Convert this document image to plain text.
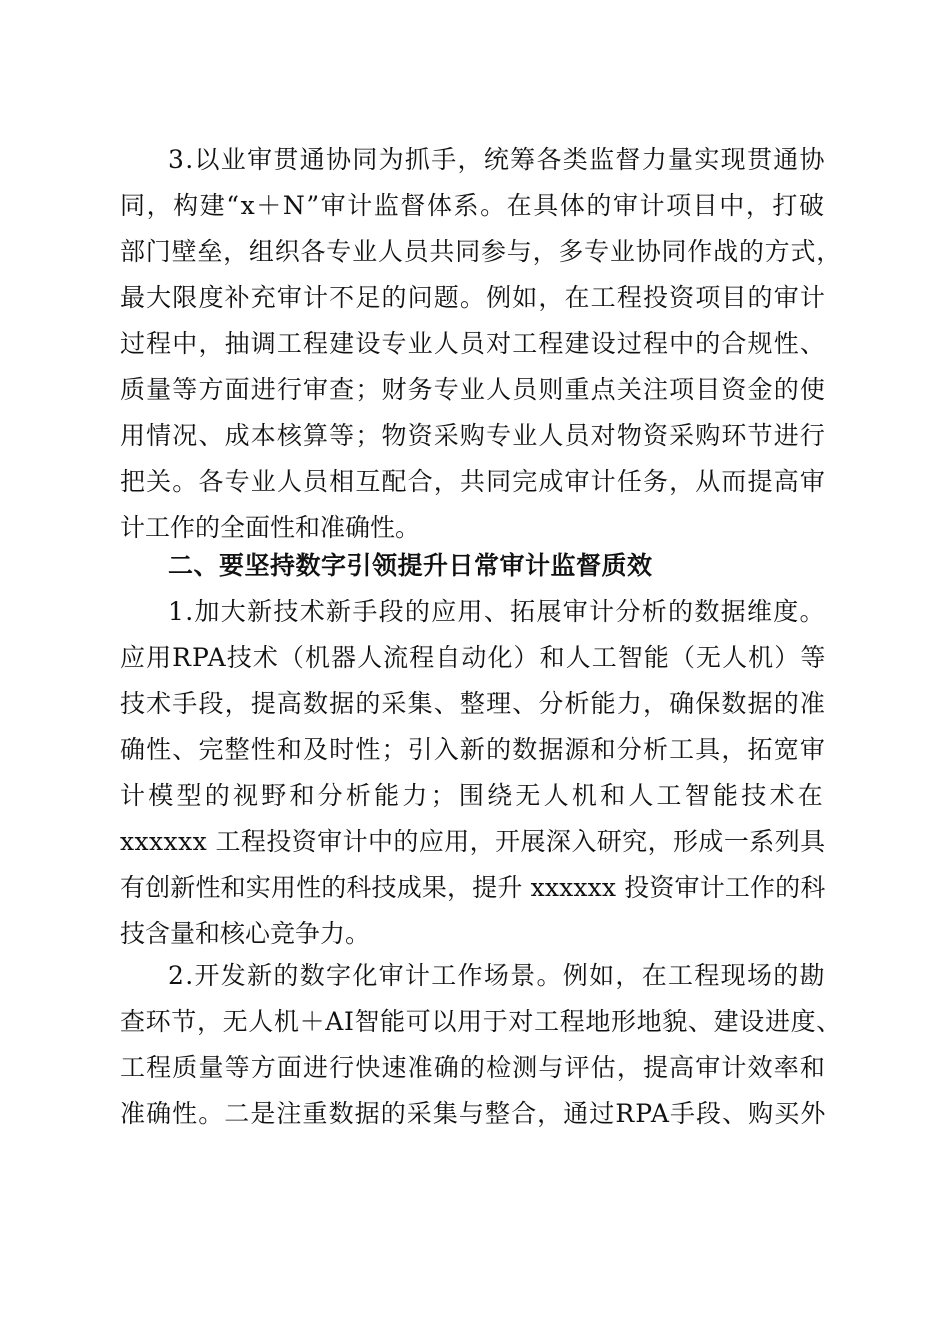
3.以业审贯通协同为抓手，统筹各类监督力量实现贯通协
同，构建“x＋N”审计监督体系。在具体的审计项目中，打破
部门壁垒，组织各专业人员共同参与，多专业协同作战的方式，
最大限度补充审计不足的问题。例如，在工程投资项目的审计
过程中，抽调工程建设专业人员对工程建设过程中的合规性、
质量等方面进行审查；财务专业人员则重点关注项目资金的使
用情况、成本核算等；物资采购专业人员对物资采购环节进行
把关。各专业人员相互配合，共同完成审计任务，从而提高审
计工作的全面性和准确性。
二、要坚持数字引领提升日常审计监督质效
1.加大新技术新手段的应用、拓展审计分析的数据维度。
应用RPA技术（机器人流程自动化）和人工智能（无人机）等
技术手段，提高数据的采集、整理、分析能力，确保数据的准
确性、完整性和及时性；引入新的数据源和分析工具，拓宽审
计模型的视野和分析能力；围绕无人机和人工智能技术在
xxxxxx 工程投资审计中的应用，开展深入研究，形成一系列具
有创新性和实用性的科技成果，提升 xxxxxx 投资审计工作的科
技含量和核心竞争力。
2.开发新的数字化审计工作场景。例如，在工程现场的勘
查环节，无人机＋AI智能可以用于对工程地形地貌、建设进度、
工程质量等方面进行快速准确的检测与评估，提高审计效率和
准确性。二是注重数据的采集与整合，通过RPA手段、购买外
